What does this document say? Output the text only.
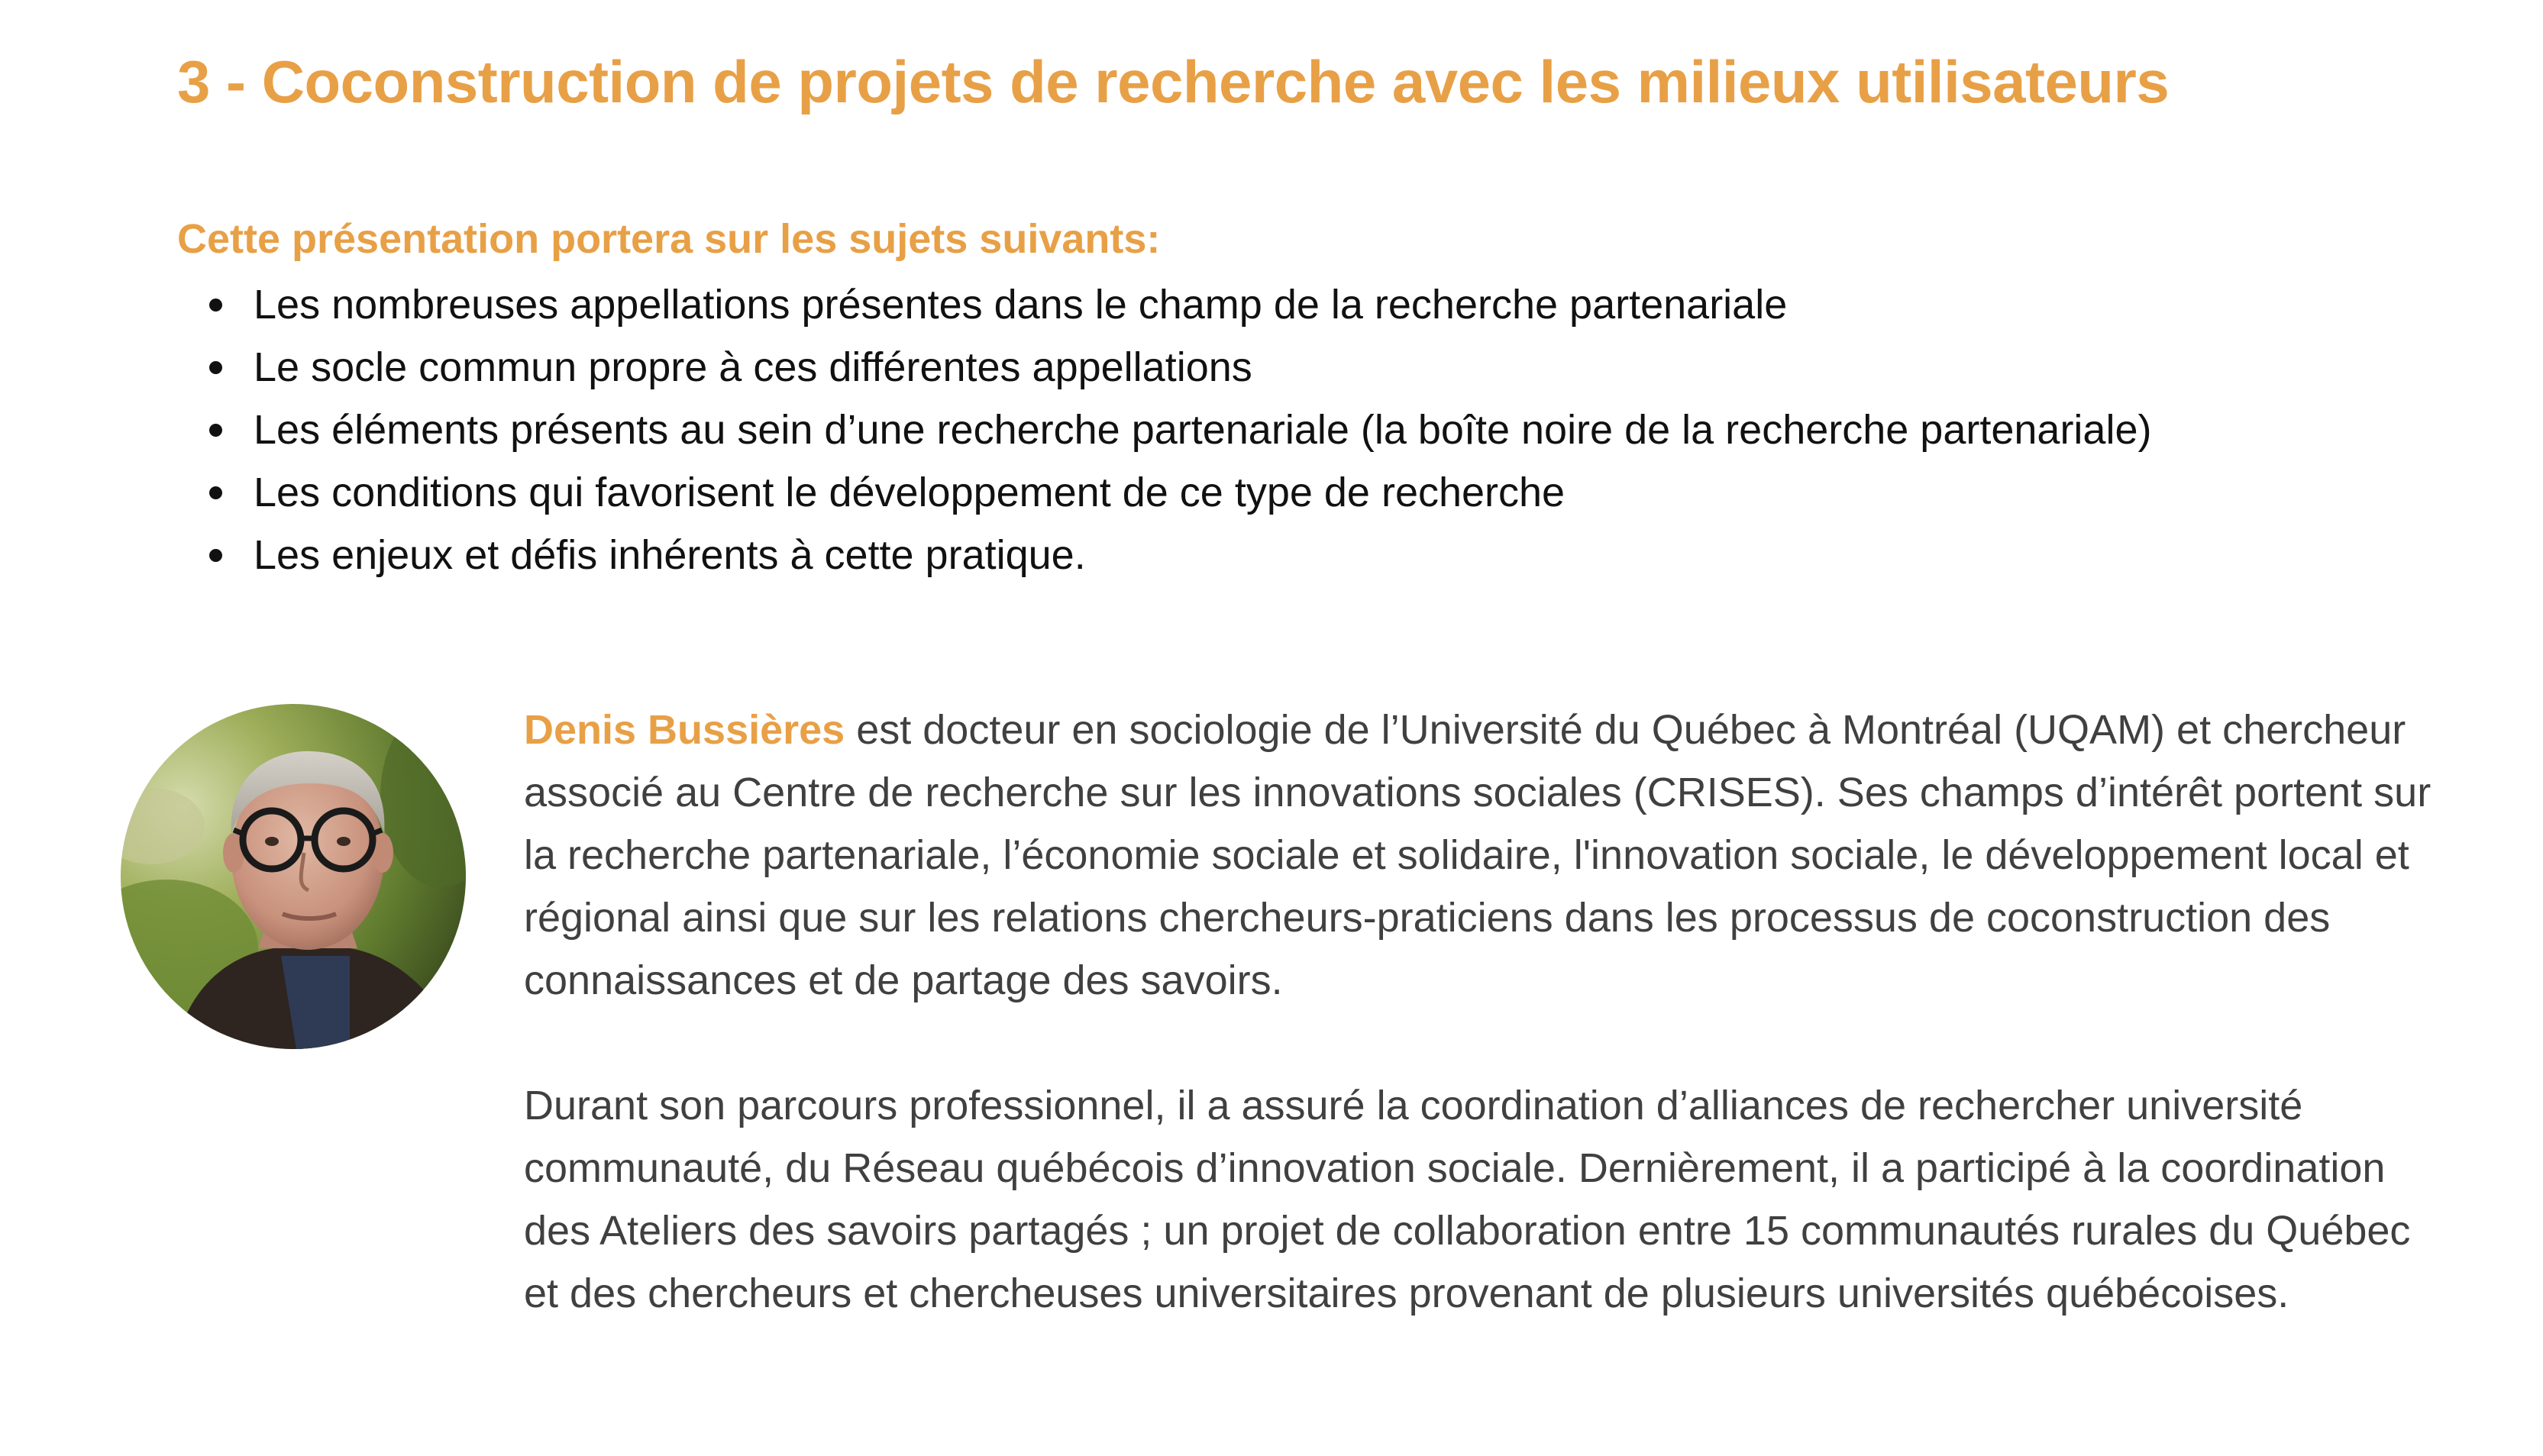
3 - Coconstruction de projets de recherche avec les milieux utilisateurs
Cette présentation portera sur les sujets suivants:
Les nombreuses appellations présentes dans le champ de la recherche partenariale
Le socle commun propre à ces différentes appellations
Les éléments présents au sein d’une recherche partenariale (la boîte noire de la recherche partenariale)
Les conditions qui favorisent le développement de ce type de recherche
Les enjeux et défis inhérents à cette pratique.

Denis Bussières est docteur en sociologie de l’Université du Québec à Montréal (UQAM) et chercheur associé au Centre de recherche sur les innovations sociales (CRISES). Ses champs d’intérêt portent sur la recherche partenariale, l’économie sociale et solidaire, l'innovation sociale, le développement local et régional ainsi que sur les relations chercheurs-praticiens dans les processus de coconstruction des connaissances et de partage des savoirs.

Durant son parcours professionnel, il a assuré la coordination d’alliances de rechercher université communauté, du Réseau québécois d’innovation sociale. Dernièrement, il a participé à la coordination des Ateliers des savoirs partagés ; un projet de collaboration entre 15 communautés rurales du Québec et des chercheurs et chercheuses universitaires provenant de plusieurs universités québécoises.
